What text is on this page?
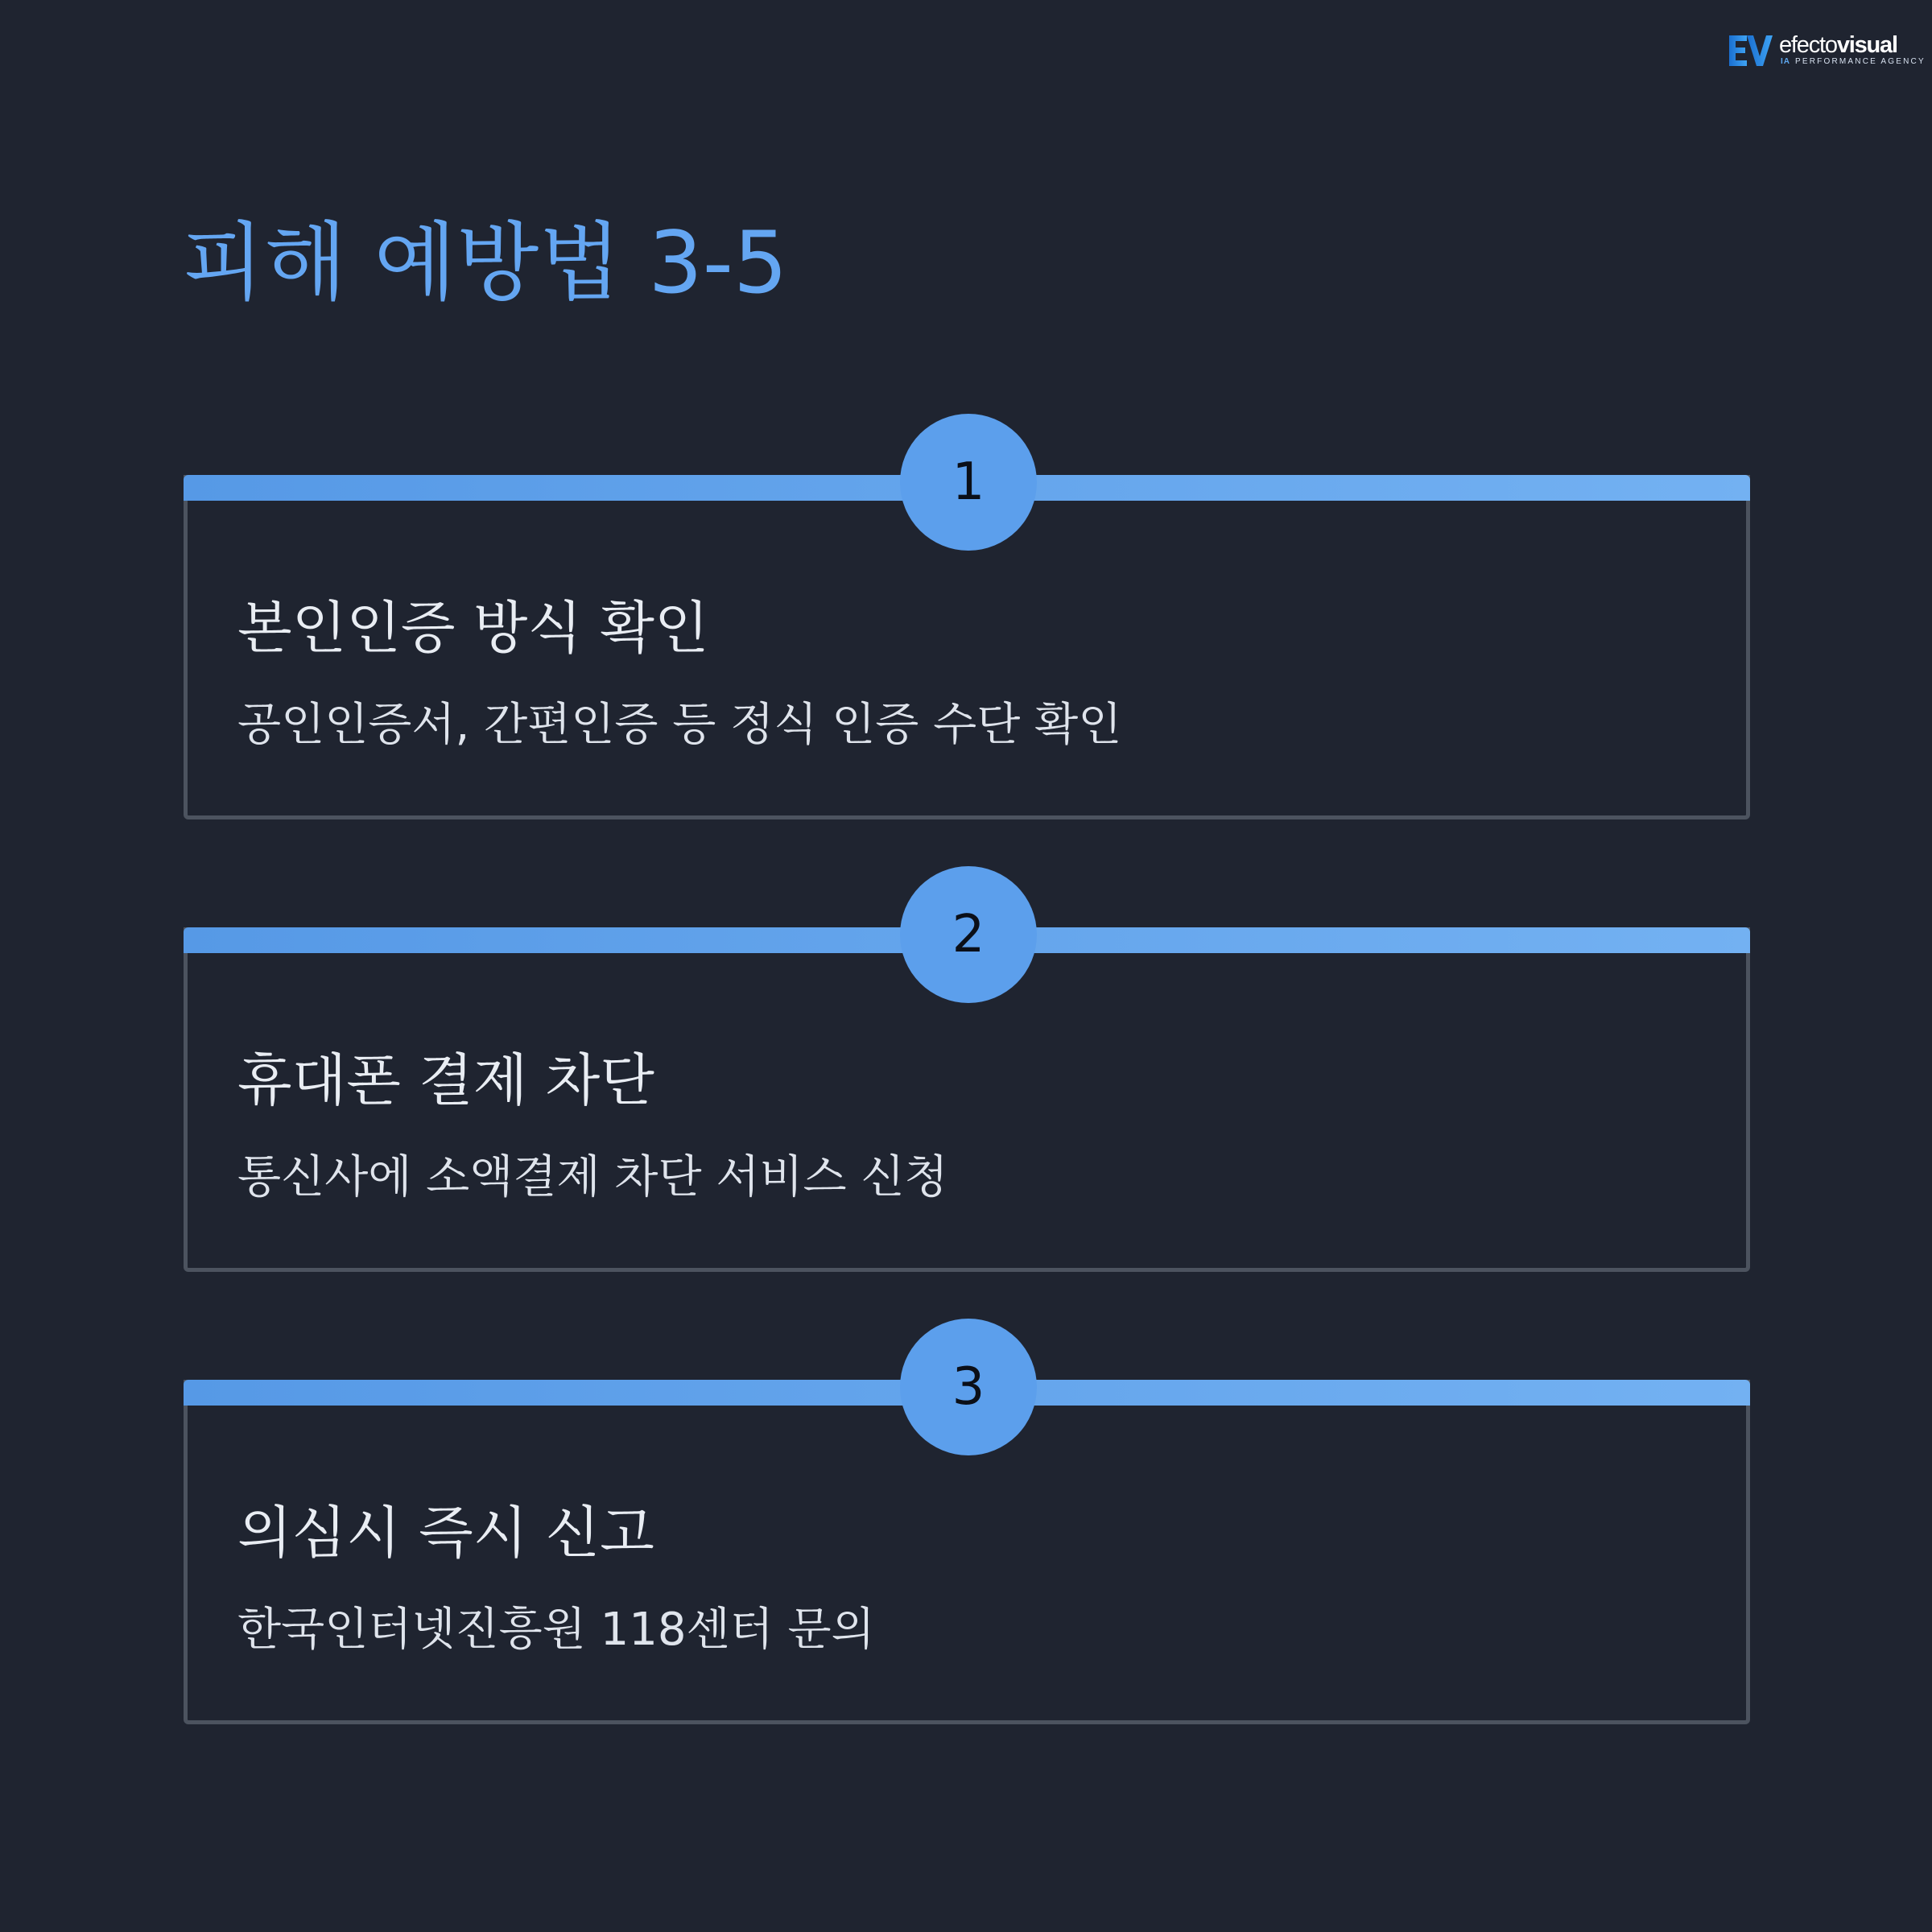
efectovisual
IA PERFORMANCE AGENCY
피해 예방법 3-5
1
본인인증 방식 확인

공인인증서, 간편인증 등 정식 인증 수단 확인

2
휴대폰 결제 차단

통신사에 소액결제 차단 서비스 신청

3
의심시 즉시 신고

한국인터넷진흥원 118센터 문의
